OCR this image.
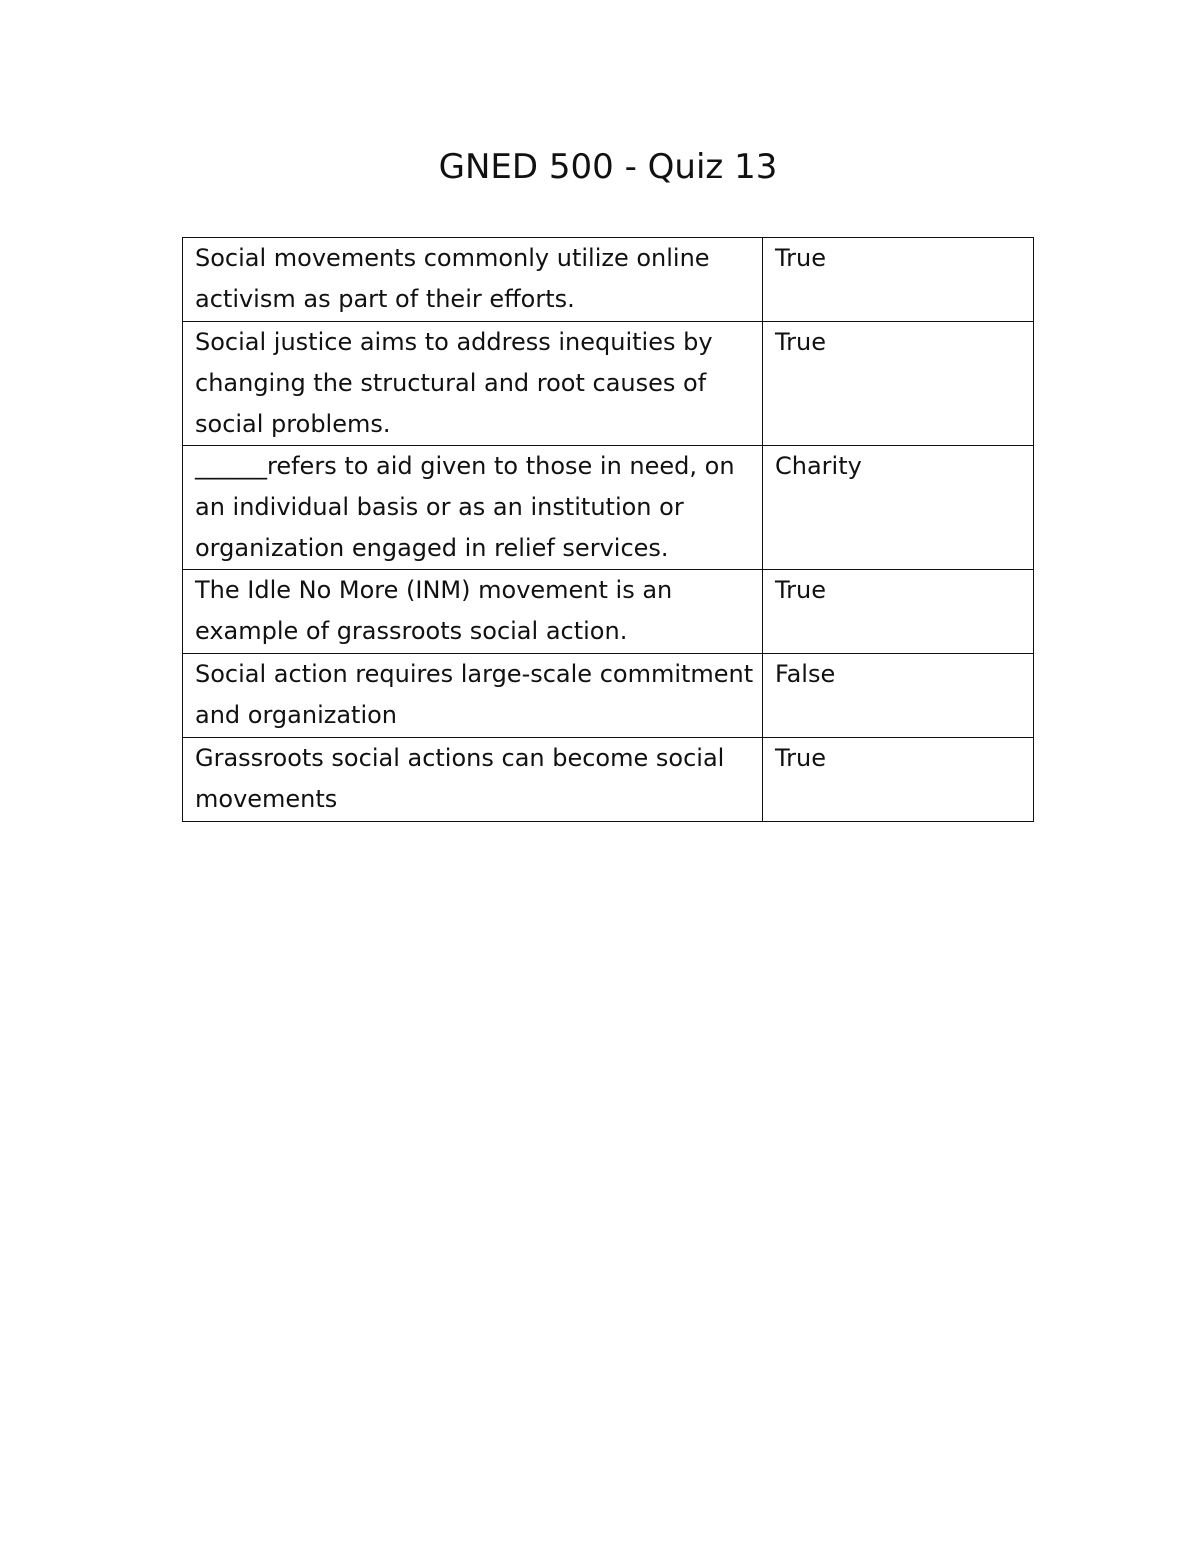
GNED 500 - Quiz 13
Social movements commonly utilize online activism as part of their efforts.	True

Social justice aims to address inequities by changing the structural and root causes of social problems.	True

______refers to aid given to those in need, on an individual basis or as an institution or organization engaged in relief services.	Charity

The Idle No More (INM) movement is an example of grassroots social action.	True

Social action requires large-scale commitment and organization	False

Grassroots social actions can become social movements	True
